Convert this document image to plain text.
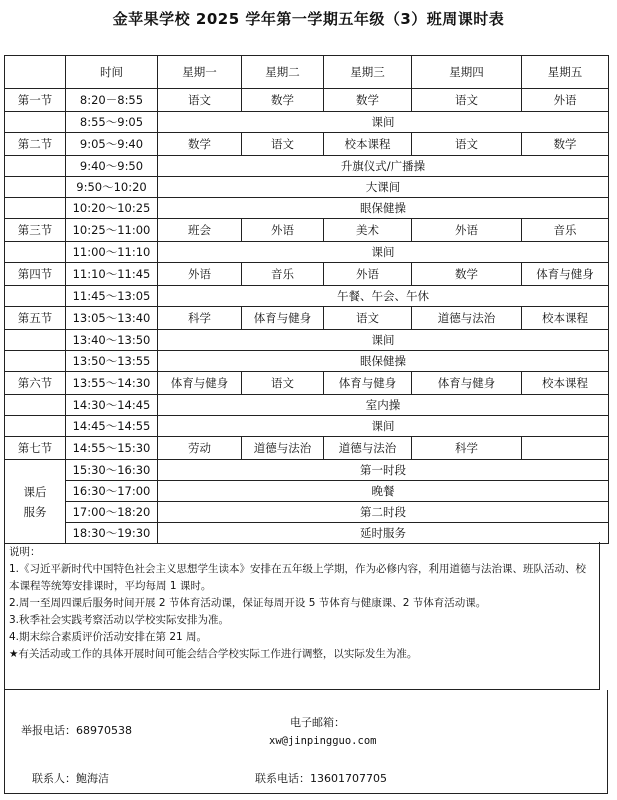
金苹果学校 2025 学年第一学期五年级（3）班周课时表
	时间	星期一	星期二	星期三	星期四	星期五
第一节	8:20－8:55	语文	数学	数学	语文	外语
	8:55～9:05	课间				
第二节	9:05～9:40	数学	语文	校本课程	语文	数学
	9:40～9:50	升旗仪式/广播操				
	9:50～10:20	大课间				
	10:20～10:25	眼保健操				
第三节	10:25～11:00	班会	外语	美术	外语	音乐
	11:00～11:10	课间				
第四节	11:10～11:45	外语	音乐	外语	数学	体育与健身
	11:45～13:05	午餐、午会、午休				
第五节	13:05～13:40	科学	体育与健身	语文	道德与法治	校本课程
	13:40～13:50	课间				
	13:50～13:55	眼保健操				
第六节	13:55～14:30	体育与健身	语文	体育与健身	体育与健身	校本课程
	14:30～14:45	室内操				
	14:45～14:55	课间				
第七节	14:55～15:30	劳动	道德与法治	道德与法治	科学	

课后
服务	15:30～16:30	第一时段				
	16:30～17:00	晚餐				
	17:00～18:20	第二时段				
	18:30～19:30	延时服务				

说明：

1.《习近平新时代中国特色社会主义思想学生读本》安排在五年级上学期，作为必修内容，利用道德与法治课、班队活动、校本课程等统筹安排课时，平均每周 1 课时。

2.周一至周四课后服务时间开展 2 节体育活动课，保证每周开设 5 节体育与健康课、2 节体育活动课。

3.秋季社会实践考察活动以学校实际安排为准。

4.期末综合素质评价活动安排在第 21 周。

★有关活动或工作的具体开展时间可能会结合学校实际工作进行调整，以实际发生为准。

举报电话：68970538
电子邮箱：
xw@jinpingguo.com
联系人：鲍海洁	联系电话：13601707705
